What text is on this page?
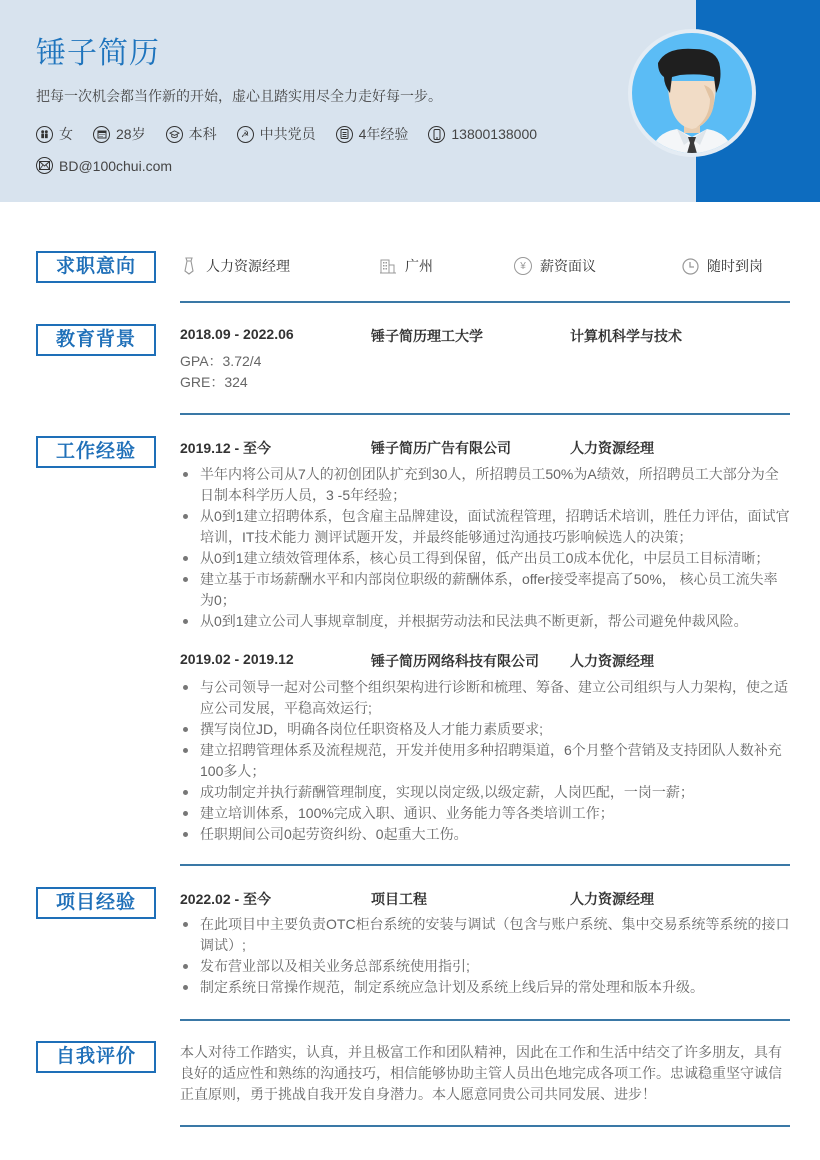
锤子简历
把每一次机会都当作新的开始，虚心且踏实用尽全力走好每一步。
女	28岁	本科	☭ 中共党员	4年经验	13800138000
BD@100chui.com
求职意向	人力资源经理	广州	¥	薪资面议	随时到岗
教育背景	2018.09 - 2022.06	锤子简历理工大学	计算机科学与技术
GPA：3.72/4
GRE：324
工作经验	2019.12 - 至今	锤子简历广告有限公司	人力资源经理
半年内将公司从7人的初创团队扩充到30人，所招聘员工50%为A绩效，所招聘员工大部分为全日制本科学历人员，3 -5年经验；
从0到1建立招聘体系，包含雇主品牌建设，面试流程管理，招聘话术培训，胜任力评估，面试官培训，IT技术能力 测评试题开发，并最终能够通过沟通技巧影响候选人的决策；
从0到1建立绩效管理体系，核心员工得到保留，低产出员工0成本优化，中层员工目标清晰；
建立基于市场薪酬水平和内部岗位职级的薪酬体系，offer接受率提高了50%， 核心员工流失率为0；
从0到1建立公司人事规章制度，并根据劳动法和民法典不断更新，帮公司避免仲裁风险。
2019.02 - 2019.12	锤子简历网络科技有限公司 人力资源经理
与公司领导一起对公司整个组织架构进行诊断和梳理、筹备、建立公司组织与人力架构，使之适应公司发展，平稳高效运行;
撰写岗位JD，明确各岗位任职资格及人才能力素质要求;
建立招聘管理体系及流程规范，开发并使用多种招聘渠道，6个月整个营销及支持团队人数补充100多人；
成功制定并执行薪酬管理制度，实现以岗定级,以级定薪，人岗匹配，一岗一薪；
建立培训体系，100%完成入职、通识、业务能力等各类培训工作；
任职期间公司0起劳资纠纷、0起重大工伤。
项目经验	2022.02 - 至今	项目工程	人力资源经理
在此项目中主要负责OTC柜台系统的安装与调试（包含与账户系统、集中交易系统等系统的接口调试）;
发布营业部以及相关业务总部系统使用指引;
制定系统日常操作规范，制定系统应急计划及系统上线后异的常处理和版本升级。
自我评价	本人对待工作踏实，认真，并且极富工作和团队精神，因此在工作和生活中结交了许多朋友，具有良好的适应性和熟练的沟通技巧，相信能够协助主管人员出色地完成各项工作。忠诚稳重坚守诚信正直原则，勇于挑战自我开发自身潜力。本人愿意同贵公司共同发展、进步！
